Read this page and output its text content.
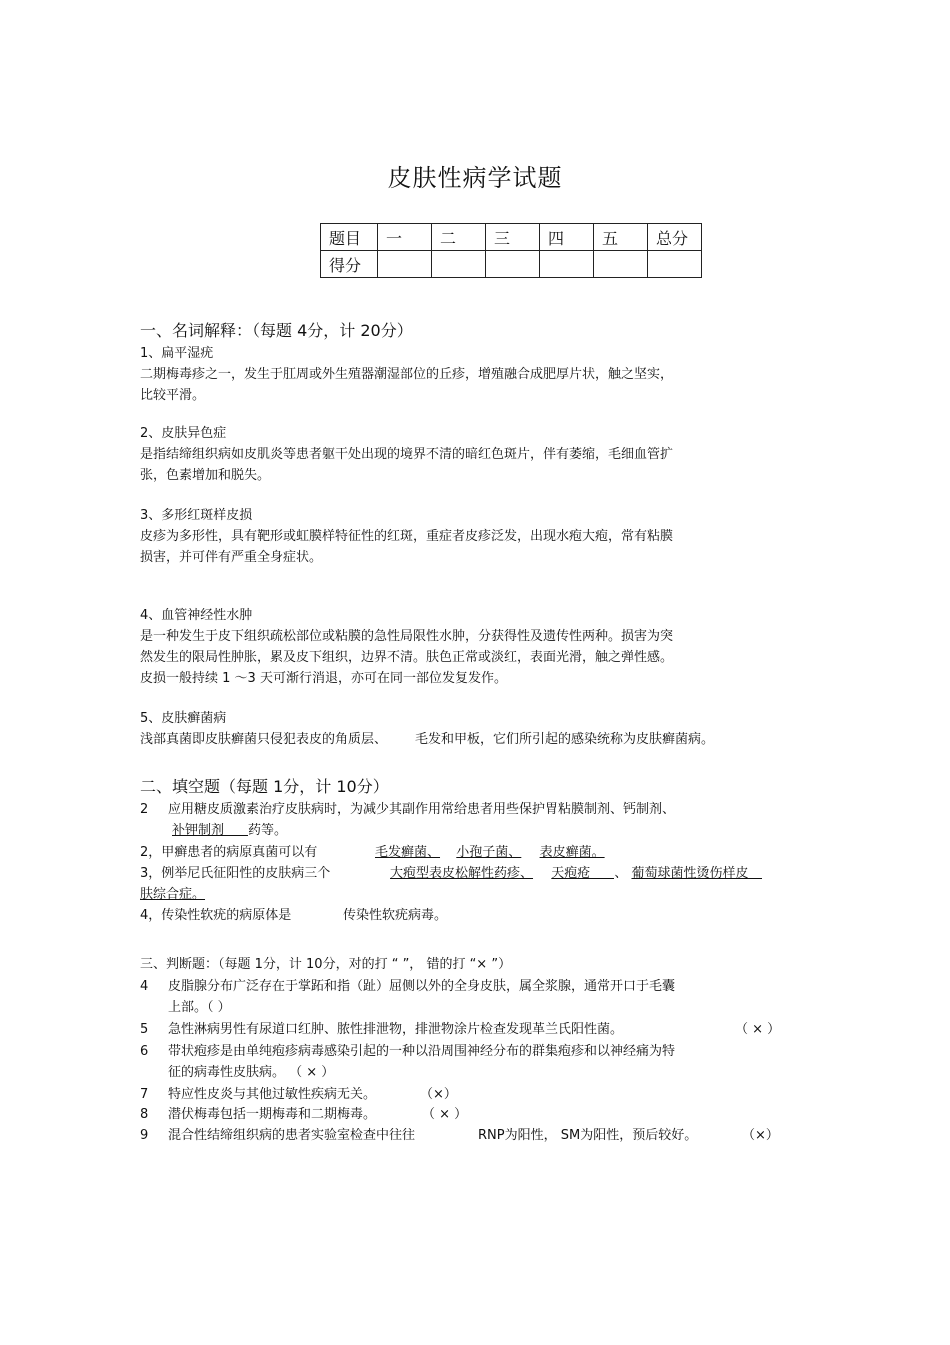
皮肤性病学试题
题目	一	二	三	四	五	总分
得分						
一、名词解释：（每题 4分，计 20分）
1、扁平湿疣
二期梅毒疹之一，发生于肛周或外生殖器潮湿部位的丘疹，增殖融合成肥厚片状，触之坚实，
比较平滑。
2、皮肤异色症
是指结缔组织病如皮肌炎等患者躯干处出现的境界不清的暗红色斑片，伴有萎缩，毛细血管扩
张，色素增加和脱失。
3、多形红斑样皮损
皮疹为多形性，具有靶形或虹膜样特征性的红斑，重症者皮疹泛发，出现水疱大疱，常有粘膜
损害，并可伴有严重全身症状。
4、血管神经性水肿
是一种发生于皮下组织疏松部位或粘膜的急性局限性水肿，分获得性及遗传性两种。损害为突
然发生的限局性肿胀，累及皮下组织，边界不清。肤色正常或淡红，表面光滑，触之弹性感。
皮损一般持续 1 ～3 天可渐行消退，亦可在同一部位发复发作。
5、皮肤癣菌病
浅部真菌即皮肤癣菌只侵犯表皮的角质层、 毛发和甲板，它们所引起的感染统称为皮肤癣菌病。
二、填空题（每题 1分，计 10分）
2 应用糖皮质激素治疗皮肤病时，为减少其副作用常给患者用些保护胃粘膜制剂、钙制剂、
补钾制剂 药等。
2，甲癣患者的病原真菌可以有	毛发癣菌、 小孢子菌、 表皮癣菌。
3，例举尼氏征阳性的皮肤病三个	大疱型表皮松解性药疹、 天疱疮 、 葡萄球菌性烫伤样皮
肤综合症。
4，传染性软疣的病原体是	传染性软疣病毒。
三、判断题：（每题 1分，计 10分，对的打 “ ”， 错的打 “× ”）
4 皮脂腺分布广泛存在于掌跖和指（趾）屈侧以外的全身皮肤，属全浆腺，通常开口于毛囊
上部。（ ）
5 急性淋病男性有尿道口红肿、脓性排泄物，排泄物涂片检查发现革兰氏阳性菌。	（ × ）
6 带状疱疹是由单纯疱疹病毒感染引起的一种以沿周围神经分布的群集疱疹和以神经痛为特
征的病毒性皮肤病。 （ × ）
7 特应性皮炎与其他过敏性疾病无关。	（×）
8 潜伏梅毒包括一期梅毒和二期梅毒。	（ × ）
9 混合性结缔组织病的患者实验室检查中往往	RNP为阳性， SM为阳性，预后较好。	（×）
